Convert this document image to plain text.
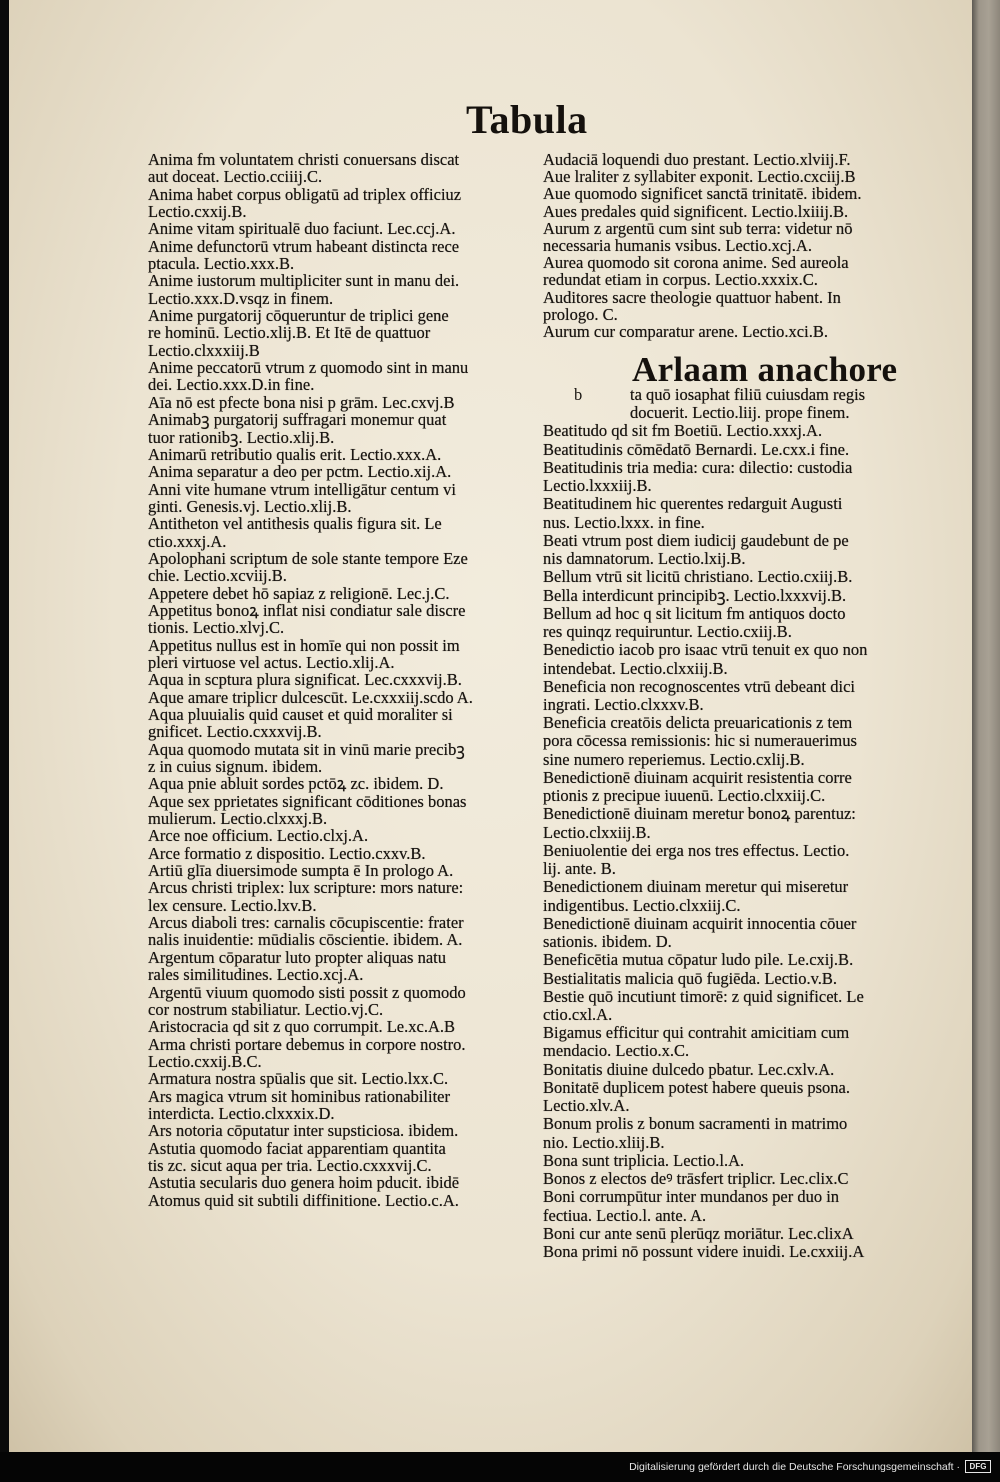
Tabula
Anima fm voluntatem christi conuersans discat
aut doceat. Lectio.cciiij.C.
Anima habet corpus obligatū ad triplex officiuz
Lectio.cxxij.B.
Anime vitam spiritualē duo faciunt. Lec.ccj.A.
Anime defunctorū vtrum habeant distincta rece
ptacula. Lectio.xxx.B.
Anime iustorum multipliciter sunt in manu dei.
Lectio.xxx.D.vsqz in finem.
Anime purgatorij cōqueruntur de triplici gene
re hominū. Lectio.xlij.B. Et Itē de quattuor
Lectio.clxxxiij.B
Anime peccatorū vtrum z quomodo sint in manu
dei. Lectio.xxx.D.in fine.
Aīa nō est pfecte bona nisi p grām. Lec.cxvj.B
Animabꝫ purgatorij suffragari monemur quat
tuor rationibꝫ. Lectio.xlij.B.
Animarū retributio qualis erit. Lectio.xxx.A.
Anima separatur a deo per pctm. Lectio.xij.A.
Anni vite humane vtrum intelligātur centum vi
ginti. Genesis.vj. Lectio.xlij.B.
Antitheton vel antithesis qualis figura sit. Le
ctio.xxxj.A.
Apolophani scriptum de sole stante tempore Eze
chie. Lectio.xcviij.B.
Appetere debet hō sapiaz z religionē. Lec.j.C.
Appetitus bonoꝝ inflat nisi condiatur sale discre
tionis. Lectio.xlvj.C.
Appetitus nullus est in homīe qui non possit im
pleri virtuose vel actus. Lectio.xlij.A.
Aqua in scptura plura significat. Lec.cxxxvij.B.
Aque amare triplicr dulcescūt. Le.cxxxiij.scdo A.
Aqua pluuialis quid causet et quid moraliter si
gnificet. Lectio.cxxxvij.B.
Aqua quomodo mutata sit in vinū marie precibꝫ
z in cuius signum. ibidem.
Aqua pnie abluit sordes pctōꝝ zc. ibidem. D.
Aque sex pprietates significant cōditiones bonas
mulierum. Lectio.clxxxj.B.
Arce noe officium. Lectio.clxj.A.
Arce formatio z dispositio. Lectio.cxxv.B.
Artiū glīa diuersimode sumpta ē In prologo A.
Arcus christi triplex: lux scripture: mors nature:
lex censure. Lectio.lxv.B.
Arcus diaboli tres: carnalis cōcupiscentie: frater
nalis inuidentie: mūdialis cōscientie. ibidem. A.
Argentum cōparatur luto propter aliquas natu
rales similitudines. Lectio.xcj.A.
Argentū viuum quomodo sisti possit z quomodo
cor nostrum stabiliatur. Lectio.vj.C.
Aristocracia qd sit z quo corrumpit. Le.xc.A.B
Arma christi portare debemus in corpore nostro.
Lectio.cxxij.B.C.
Armatura nostra spūalis que sit. Lectio.lxx.C.
Ars magica vtrum sit hominibus rationabiliter
interdicta. Lectio.clxxxix.D.
Ars notoria cōputatur inter supsticiosa. ibidem.
Astutia quomodo faciat apparentiam quantita
tis zc. sicut aqua per tria. Lectio.cxxxvij.C.
Astutia secularis duo genera hoim pducit. ibidē
Atomus quid sit subtili diffinitione. Lectio.c.A.
Audaciā loquendi duo prestant. Lectio.xlviij.F.
Aue lraliter z syllabiter exponit. Lectio.cxciij.B
Aue quomodo significet sanctā trinitatē. ibidem.
Aues predales quid significent. Lectio.lxiiij.B.
Aurum z argentū cum sint sub terra: videtur nō
necessaria humanis vsibus. Lectio.xcj.A.
Aurea quomodo sit corona anime. Sed aureola
redundat etiam in corpus. Lectio.xxxix.C.
Auditores sacre theologie quattuor habent. In
prologo. C.
Aurum cur comparatur arene. Lectio.xci.B.
Arlaam anachore
b	ta quō iosaphat filiū cuiusdam regis
docuerit. Lectio.liij. prope finem.
Beatitudo qd sit fm Boetiū. Lectio.xxxj.A.
Beatitudinis cōmēdatō Bernardi. Le.cxx.i fine.
Beatitudinis tria media: cura: dilectio: custodia
Lectio.lxxxiij.B.
Beatitudinem hic querentes redarguit Augusti
nus. Lectio.lxxx. in fine.
Beati vtrum post diem iudicij gaudebunt de pe
nis damnatorum. Lectio.lxij.B.
Bellum vtrū sit licitū christiano. Lectio.cxiij.B.
Bella interdicunt principibꝫ. Lectio.lxxxvij.B.
Bellum ad hoc q sit licitum fm antiquos docto
res quinqz requiruntur. Lectio.cxiij.B.
Benedictio iacob pro isaac vtrū tenuit ex quo non
intendebat. Lectio.clxxiij.B.
Beneficia non recognoscentes vtrū debeant dici
ingrati. Lectio.clxxxv.B.
Beneficia creatōis delicta preuaricationis z tem
pora cōcessa remissionis: hic si numerauerimus
sine numero reperiemus. Lectio.cxlij.B.
Benedictionē diuinam acquirit resistentia corre
ptionis z precipue iuuenū. Lectio.clxxiij.C.
Benedictionē diuinam meretur bonoꝝ parentuz:
Lectio.clxxiij.B.
Beniuolentie dei erga nos tres effectus. Lectio.
lij. ante. B.
Benedictionem diuinam meretur qui miseretur
indigentibus. Lectio.clxxiij.C.
Benedictionē diuinam acquirit innocentia cōuer
sationis. ibidem. D.
Beneficētia mutua cōpatur ludo pile. Le.cxij.B.
Bestialitatis malicia quō fugiēda. Lectio.v.B.
Bestie quō incutiunt timorē: z quid significet. Le
ctio.cxl.A.
Bigamus efficitur qui contrahit amicitiam cum
mendacio. Lectio.x.C.
Bonitatis diuine dulcedo pbatur. Lec.cxlv.A.
Bonitatē duplicem potest habere queuis psona.
Lectio.xlv.A.
Bonum prolis z bonum sacramenti in matrimo
nio. Lectio.xliij.B.
Bona sunt triplicia. Lectio.l.A.
Bonos z electos deꝰ trāsfert triplicr. Lec.clix.C
Boni corrumpūtur inter mundanos per duo in
fectiua. Lectio.l. ante. A.
Boni cur ante senū plerūqz moriātur. Lec.clixA
Bona primi nō possunt videre inuidi. Le.cxxiij.A
Digitalisierung gefördert durch die Deutsche Forschungsgemeinschaft ·	DFG
